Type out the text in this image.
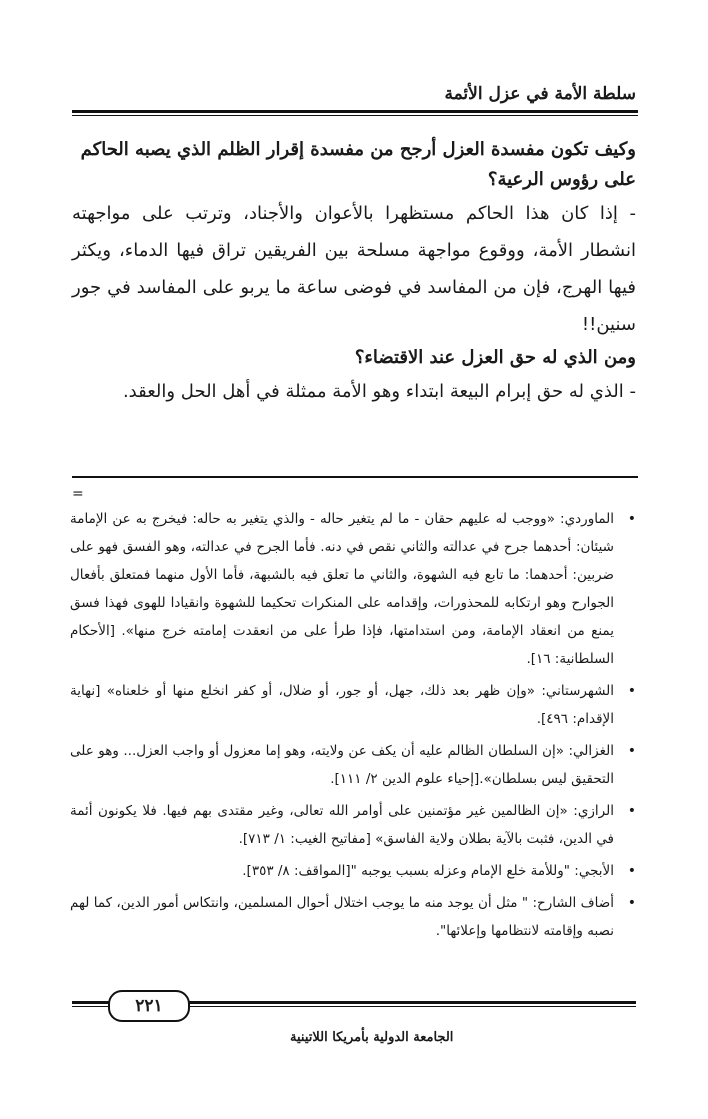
سلطة الأمة في عزل الأئمة

وكيف تكون مفسدة العزل أرجح من مفسدة إقرار الظلم الذي يصبه الحاكم على رؤوس الرعية؟

- إذا كان هذا الحاكم مستظهرا بالأعوان والأجناد، وترتب على مواجهته انشطار الأمة، ووقوع مواجهة مسلحة بين الفريقين تراق فيها الدماء، ويكثر فيها الهرج، فإن من المفاسد في فوضى ساعة ما يربو على المفاسد في جور سنين!!

ومن الذي له حق العزل عند الاقتضاء؟

- الذي له حق إبرام البيعة ابتداء وهو الأمة ممثلة في أهل الحل والعقد.

=
•
الماوردي: «ووجب له عليهم حقان - ما لم يتغير حاله - والذي يتغير به حاله: فيخرج به عن الإمامة شيئان: أحدهما جرح في عدالته والثاني نقص في دنه. فأما الجرح في عدالته، وهو الفسق فهو على ضربين: أحدهما: ما تابع فيه الشهوة، والثاني ما تعلق فيه بالشبهة، فأما الأول منهما فمتعلق بأفعال الجوارح وهو ارتكابه للمحذورات، وإقدامه على المنكرات تحكيما للشهوة وانقيادا للهوى فهذا فسق يمنع من انعقاد الإمامة، ومن استدامتها، فإذا طرأ على من انعقدت إمامته خرج منها». [الأحكام السلطانية: ١٦].
•
الشهرستاني: «وإن ظهر بعد ذلك، جهل، أو جور، أو ضلال، أو كفر انخلع منها أو خلعناه» [نهاية الإقدام: ٤٩٦].
•
الغزالي: «إن السلطان الظالم عليه أن يكف عن ولايته، وهو إما معزول أو واجب العزل... وهو على التحقيق ليس بسلطان».[إحياء علوم الدين ٢/ ١١١].
•
الرازي: «إن الظالمين غير مؤتمنين على أوامر الله تعالى، وغير مقتدى بهم فيها. فلا يكونون أئمة في الدين، فثبت بالآية بطلان ولاية الفاسق» [مفاتيح الغيب: ١/ ٧١٣].
•
الأبجي: "وللأمة خلع الإمام وعزله بسبب يوجبه "[المواقف: ٨/ ٣٥٣].
•
أضاف الشارح: " مثل أن يوجد منه ما يوجب اختلال أحوال المسلمين، وانتكاس أمور الدين، كما لهم نصبه وإقامته لانتظامها وإعلائها".
٢٢١
الجامعة الدولية بأمريكا اللاتينية
